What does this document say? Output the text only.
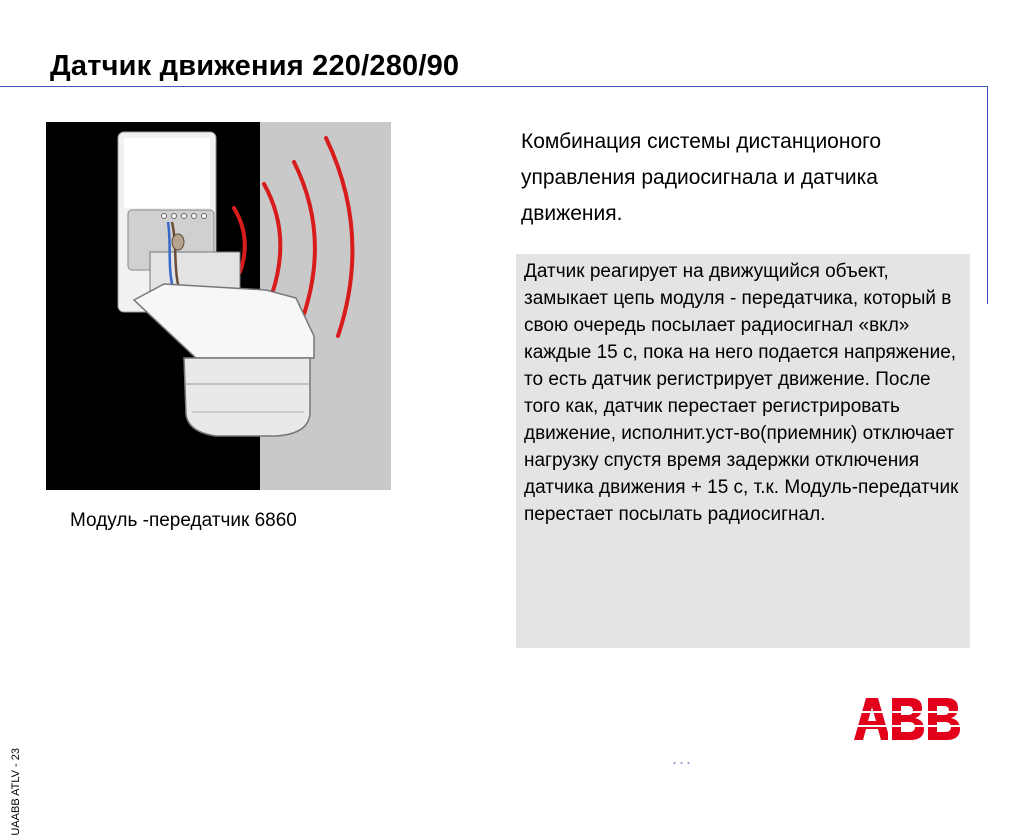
Датчик движения 220/280/90
Модуль -передатчик 6860
Комбинация системы дистанционого управления радиосигнала и датчика движения.
Датчик реагирует на движущийся объект, замыкает цепь модуля - передатчика, который в свою очередь посылает радиосигнал «вкл» каждые 15 с, пока на него подается напряжение, то есть датчик регистрирует движение. После того как, датчик перестает регистрировать движение, исполнит.уст-во(приемник) отключает нагрузку спустя время задержки отключения датчика движения + 15 с, т.к. Модуль-передатчик перестает посылать радиосигнал.
UAABB ATLV - 23	...
